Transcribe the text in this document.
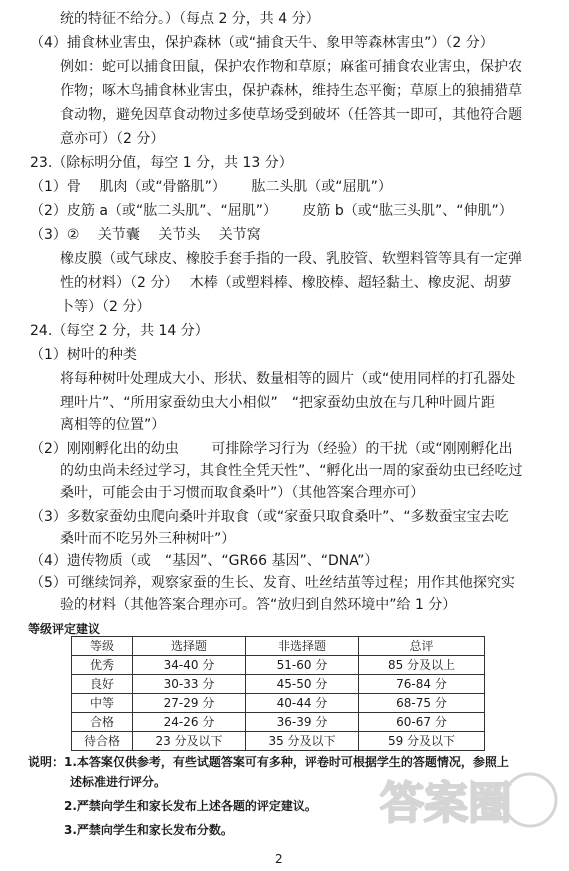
统的特征不给分。）（每点 2 分，共 4 分）
（4）捕食林业害虫，保护森林（或“捕食天牛、象甲等森林害虫”）（2 分）
例如：蛇可以捕食田鼠，保护农作物和草原；麻雀可捕食农业害虫，保护农
作物；啄木鸟捕食林业害虫，保护森林，维持生态平衡；草原上的狼捕猎草
食动物，避免因草食动物过多使草场受到破坏（任答其一即可，其他符合题
意亦可）（2 分）
23.（除标明分值，每空 1 分，共 13 分）
（1）骨　 肌肉（或“骨骼肌”）　　 肱二头肌（或“屈肌”）
（2）皮筋 a（或“肱二头肌”、“屈肌”）　　 皮筋 b（或“肱三头肌”、“伸肌”）
（3）②　 关节囊　 关节头　 关节窝
橡皮膜（或气球皮、橡胶手套手指的一段、乳胶管、软塑料管等具有一定弹
性的材料）（2 分）　 木棒（或塑料棒、橡胶棒、超轻黏土、橡皮泥、胡萝
卜等）（2 分）
24.（每空 2 分，共 14 分）
（1）树叶的种类
将每种树叶处理成大小、形状、数量相等的圆片（或“使用同样的打孔器处
理叶片”、“所用家蚕幼虫大小相似”　“把家蚕幼虫放在与几种叶圆片距
离相等的位置”）
（2）刚刚孵化出的幼虫　　 可排除学习行为（经验）的干扰（或“刚刚孵化出
的幼虫尚未经过学习，其食性全凭天性”、“孵化出一周的家蚕幼虫已经吃过
桑叶，可能会由于习惯而取食桑叶”）（其他答案合理亦可）
（3）多数家蚕幼虫爬向桑叶并取食（或“家蚕只取食桑叶”、“多数蚕宝宝去吃
桑叶而不吃另外三种树叶”）
（4）遗传物质（或　“基因”、“GR66 基因”、“DNA”）
等级评定建议
等级	选择题	非选择题	总评
优秀	34-40 分	51-60 分	85 分及以上
良好	30-33 分	45-50 分	76-84 分
中等	27-29 分	40-44 分	68-75 分
合格	24-26 分	36-39 分	60-67 分
待合格	23 分及以下	35 分及以下	59 分及以下
说明：1.本答案仅供参考，有些试题答案可有多种，评卷时可根据学生的答题情况，参照上
述标准进行评分。
2.严禁向学生和家长发布上述各题的评定建议。
3.严禁向学生和家长发布分数。
答案圈
2
（5）可继续饲养，观察家蚕的生长、发育、吐丝结茧等过程；用作其他探究实
验的材料（其他答案合理亦可。答“放归到自然环境中”给 1 分）
